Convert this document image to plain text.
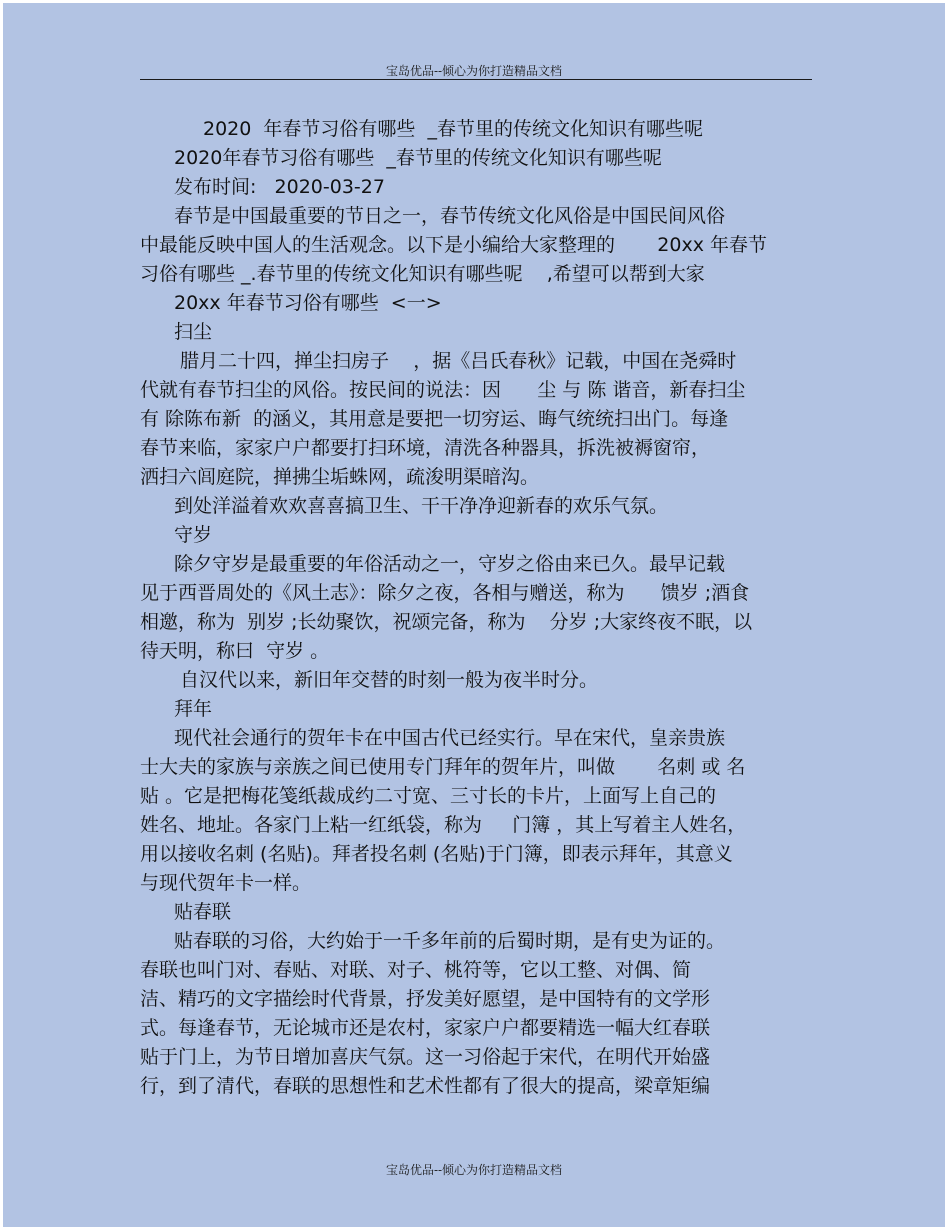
宝岛优品--倾心为你打造精品文档

2020  年春节习俗有哪些  _春节里的传统文化知识有哪些呢

2020年春节习俗有哪些  _春节里的传统文化知识有哪些呢

发布时间:   2020-03-27

春节是中国最重要的节日之一，春节传统文化风俗是中国民间风俗

中最能反映中国人的生活观念。以下是小编给大家整理的       20xx 年春节

习俗有哪些 _.春节里的传统文化知识有哪些呢    ,希望可以帮到大家

20xx 年春节习俗有哪些  <一>

扫尘

腊月二十四，掸尘扫房子    ，据《吕氏春秋》记载，中国在尧舜时

代就有春节扫尘的风俗。按民间的说法：因      尘 与 陈 谐音，新春扫尘

有 除陈布新  的涵义，其用意是要把一切穷运、晦气统统扫出门。每逢

春节来临，家家户户都要打扫环境，清洗各种器具，拆洗被褥窗帘，

洒扫六闾庭院，掸拂尘垢蛛网，疏浚明渠暗沟。

到处洋溢着欢欢喜喜搞卫生、干干净净迎新春的欢乐气氛。

守岁

除夕守岁是最重要的年俗活动之一，守岁之俗由来已久。最早记载

见于西晋周处的《风土志》：除夕之夜，各相与赠送，称为      馈岁 ;酒食

相邀，称为  别岁 ;长幼聚饮，祝颂完备，称为    分岁 ;大家终夜不眠，以

待天明，称曰  守岁 。

自汉代以来，新旧年交替的时刻一般为夜半时分。

拜年

现代社会通行的贺年卡在中国古代已经实行。早在宋代，皇亲贵族

士大夫的家族与亲族之间已使用专门拜年的贺年片，叫做       名刺 或 名

贴 。它是把梅花笺纸裁成约二寸宽、三寸长的卡片，上面写上自己的

姓名、地址。各家门上粘一红纸袋，称为     门簿 ，其上写着主人姓名，

用以接收名刺 (名贴)。拜者投名刺 (名贴)于门簿，即表示拜年，其意义

与现代贺年卡一样。

贴春联

贴春联的习俗，大约始于一千多年前的后蜀时期，是有史为证的。

春联也叫门对、春贴、对联、对子、桃符等，它以工整、对偶、简

洁、精巧的文字描绘时代背景，抒发美好愿望，是中国特有的文学形

式。每逢春节，无论城市还是农村，家家户户都要精选一幅大红春联

贴于门上，为节日增加喜庆气氛。这一习俗起于宋代，在明代开始盛

行，到了清代，春联的思想性和艺术性都有了很大的提高，梁章矩编

宝岛优品--倾心为你打造精品文档
